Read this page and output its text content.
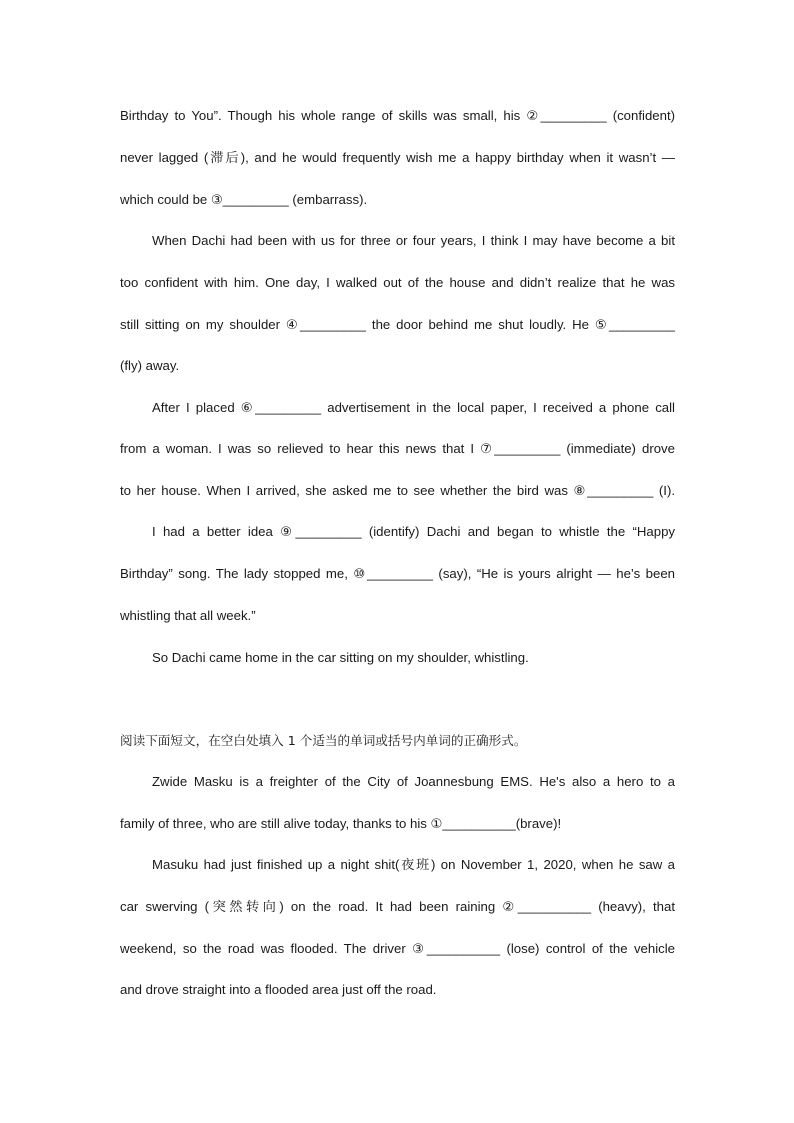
Birthday to You”. Though his whole range of skills was small, his ②_________ (confident)
never lagged (滞后), and he would frequently wish me a happy birthday when it wasn’t —
which could be ③_________ (embarrass).
When Dachi had been with us for three or four years, I think I may have become a bit
too confident with him. One day, I walked out of the house and didn’t realize that he was
still sitting on my shoulder ④_________ the door behind me shut loudly. He ⑤_________
(fly) away.
After I placed ⑥_________ advertisement in the local paper, I received a phone call
from a woman. I was so relieved to hear this news that I ⑦_________ (immediate) drove
to her house. When I arrived, she asked me to see whether the bird was ⑧_________ (I).
I had a better idea ⑨_________ (identify) Dachi and began to whistle the “Happy
Birthday” song. The lady stopped me, ⑩_________ (say), “He is yours alright — he’s been
whistling that all week.”
So Dachi came home in the car sitting on my shoulder, whistling.
阅读下面短文，在空白处填入 1 个适当的单词或括号内单词的正确形式。
Zwide Masku is a freighter of the City of Joannesbung EMS. He's also a hero to a
family of three, who are still alive today, thanks to his ①__________(brave)!
Masuku had just finished up a night shit(夜班) on November 1, 2020, when he saw a
car swerving (突然转向) on the road. It had been raining ②__________ (heavy), that
weekend, so the road was flooded. The driver ③__________ (lose) control of the vehicle
and drove straight into a flooded area just off the road.
